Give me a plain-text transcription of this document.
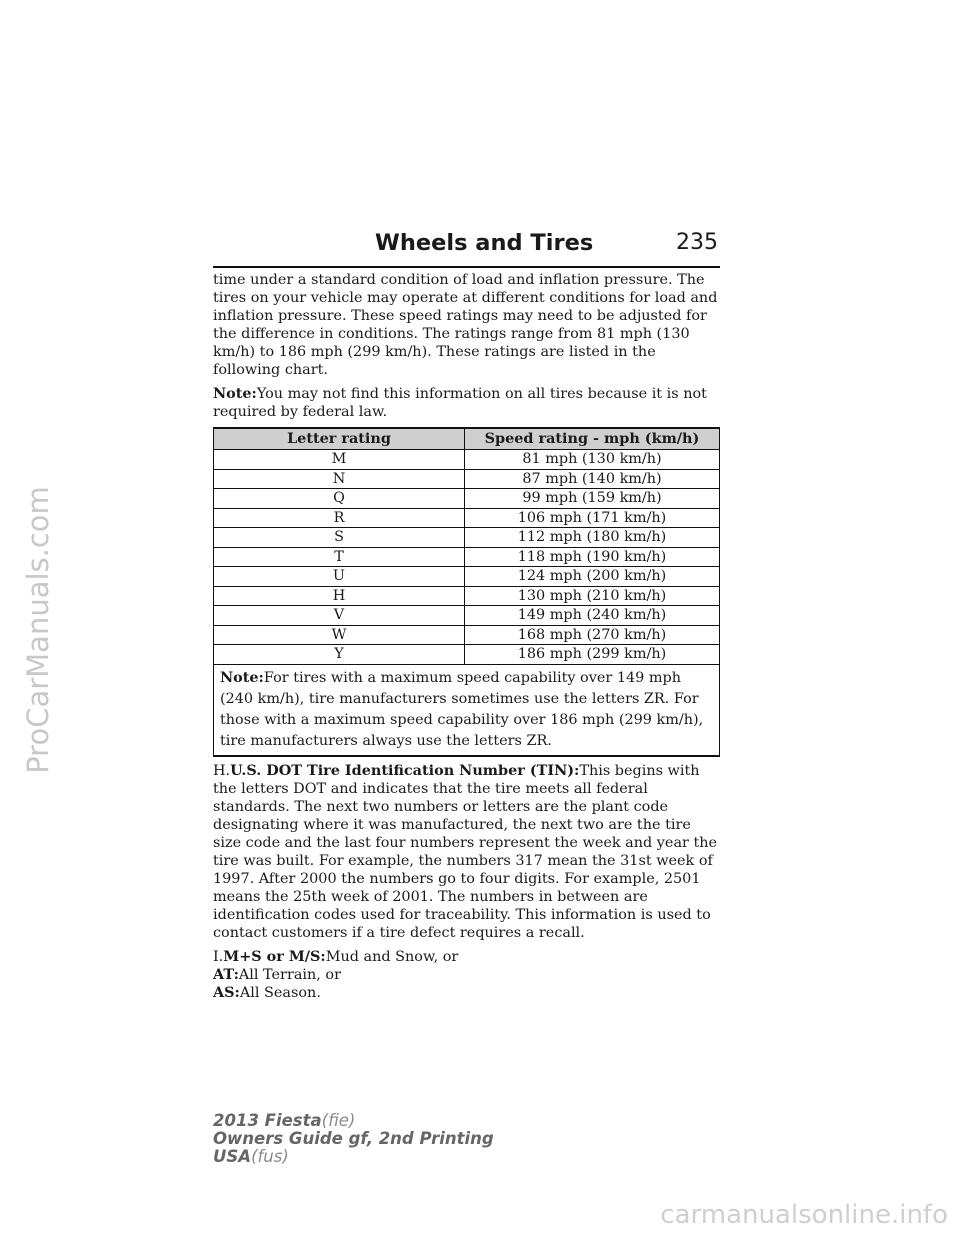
ProCarManuals.com
Wheels and Tires	235

time under a standard condition of load and inflation pressure. The tires on your vehicle may operate at different conditions for load and inflation pressure. These speed ratings may need to be adjusted for the difference in conditions. The ratings range from 81 mph (130 km/h) to 186 mph (299 km/h). These ratings are listed in the following chart.

Note:You may not find this information on all tires because it is not required by federal law.

Letter rating	Speed rating - mph (km/h)
M	81 mph (130 km/h)
N	87 mph (140 km/h)
Q	99 mph (159 km/h)
R	106 mph (171 km/h)
S	112 mph (180 km/h)
T	118 mph (190 km/h)
U	124 mph (200 km/h)
H	130 mph (210 km/h)
V	149 mph (240 km/h)
W	168 mph (270 km/h)
Y	186 mph (299 km/h)
Note:For tires with a maximum speed capability over 149 mph (240 km/h), tire manufacturers sometimes use the letters ZR. For those with a maximum speed capability over 186 mph (299 km/h), tire manufacturers always use the letters ZR.	

H.U.S. DOT Tire Identification Number (TIN):This begins with the letters DOT and indicates that the tire meets all federal standards. The next two numbers or letters are the plant code designating where it was manufactured, the next two are the tire size code and the last four numbers represent the week and year the tire was built. For example, the numbers 317 mean the 31st week of 1997. After 2000 the numbers go to four digits. For example, 2501 means the 25th week of 2001. The numbers in between are identification codes used for traceability. This information is used to contact customers if a tire defect requires a recall.

I.M+S or M/S:Mud and Snow, or

AT:All Terrain, or

AS:All Season.

2013 Fiesta(fie)
Owners Guide gf, 2nd Printing
USA(fus)
carmanualsonline.info
